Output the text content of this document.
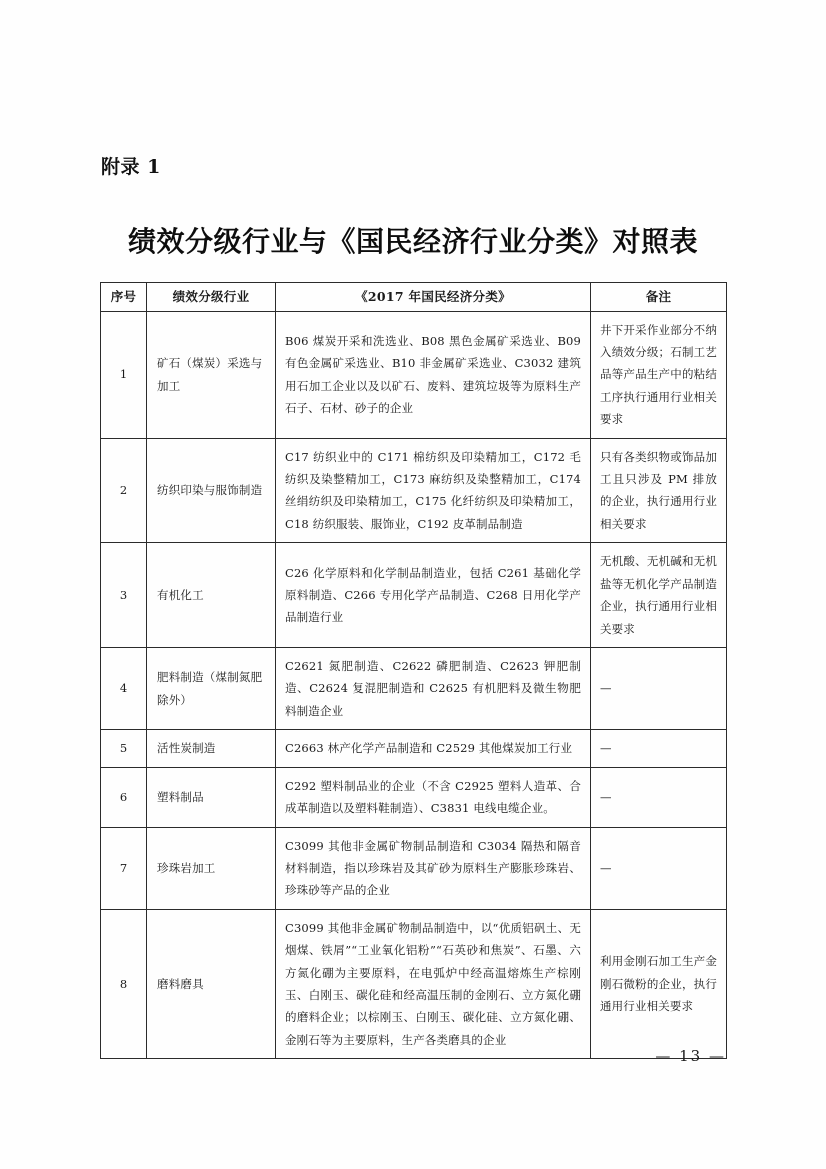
附录 1
绩效分级行业与《国民经济行业分类》对照表
序号	绩效分级行业	《2017 年国民经济分类》	备注
1	矿石（煤炭）采选与加工	B06 煤炭开采和洗选业、B08 黑色金属矿采选业、B09 有色金属矿采选业、B10 非金属矿采选业、C3032 建筑用石加工企业以及以矿石、废料、建筑垃圾等为原料生产石子、石材、砂子的企业	井下开采作业部分不纳入绩效分级；石制工艺品等产品生产中的粘结工序执行通用行业相关要求
2	纺织印染与服饰制造	C17 纺织业中的 C171 棉纺织及印染精加工，C172 毛纺织及染整精加工，C173 麻纺织及染整精加工，C174 丝绢纺织及印染精加工，C175 化纤纺织及印染精加工，C18 纺织服装、服饰业，C192 皮革制品制造	只有各类织物或饰品加工且只涉及 PM 排放的企业，执行通用行业相关要求
3	有机化工	C26 化学原料和化学制品制造业，包括 C261 基础化学原料制造、C266 专用化学产品制造、C268 日用化学产品制造行业	无机酸、无机碱和无机盐等无机化学产品制造企业，执行通用行业相关要求
4	肥料制造（煤制氮肥除外）	C2621 氮肥制造、C2622 磷肥制造、C2623 钾肥制造、C2624 复混肥制造和 C2625 有机肥料及微生物肥料制造企业	—
5	活性炭制造	C2663 林产化学产品制造和 C2529 其他煤炭加工行业	—
6	塑料制品	C292 塑料制品业的企业（不含 C2925 塑料人造革、合成革制造以及塑料鞋制造）、C3831 电线电缆企业。	—
7	珍珠岩加工	C3099 其他非金属矿物制品制造和 C3034 隔热和隔音材料制造，指以珍珠岩及其矿砂为原料生产膨胀珍珠岩、珍珠砂等产品的企业	—
8	磨料磨具	C3099 其他非金属矿物制品制造中，以“优质铝矾土、无烟煤、铁屑”“工业氧化铝粉”“石英砂和焦炭”、石墨、六方氮化硼为主要原料，在电弧炉中经高温熔炼生产棕刚玉、白刚玉、碳化硅和经高温压制的金刚石、立方氮化硼的磨料企业；以棕刚玉、白刚玉、碳化硅、立方氮化硼、金刚石等为主要原料，生产各类磨具的企业	利用金刚石加工生产金刚石微粉的企业，执行通用行业相关要求
— 13 —
